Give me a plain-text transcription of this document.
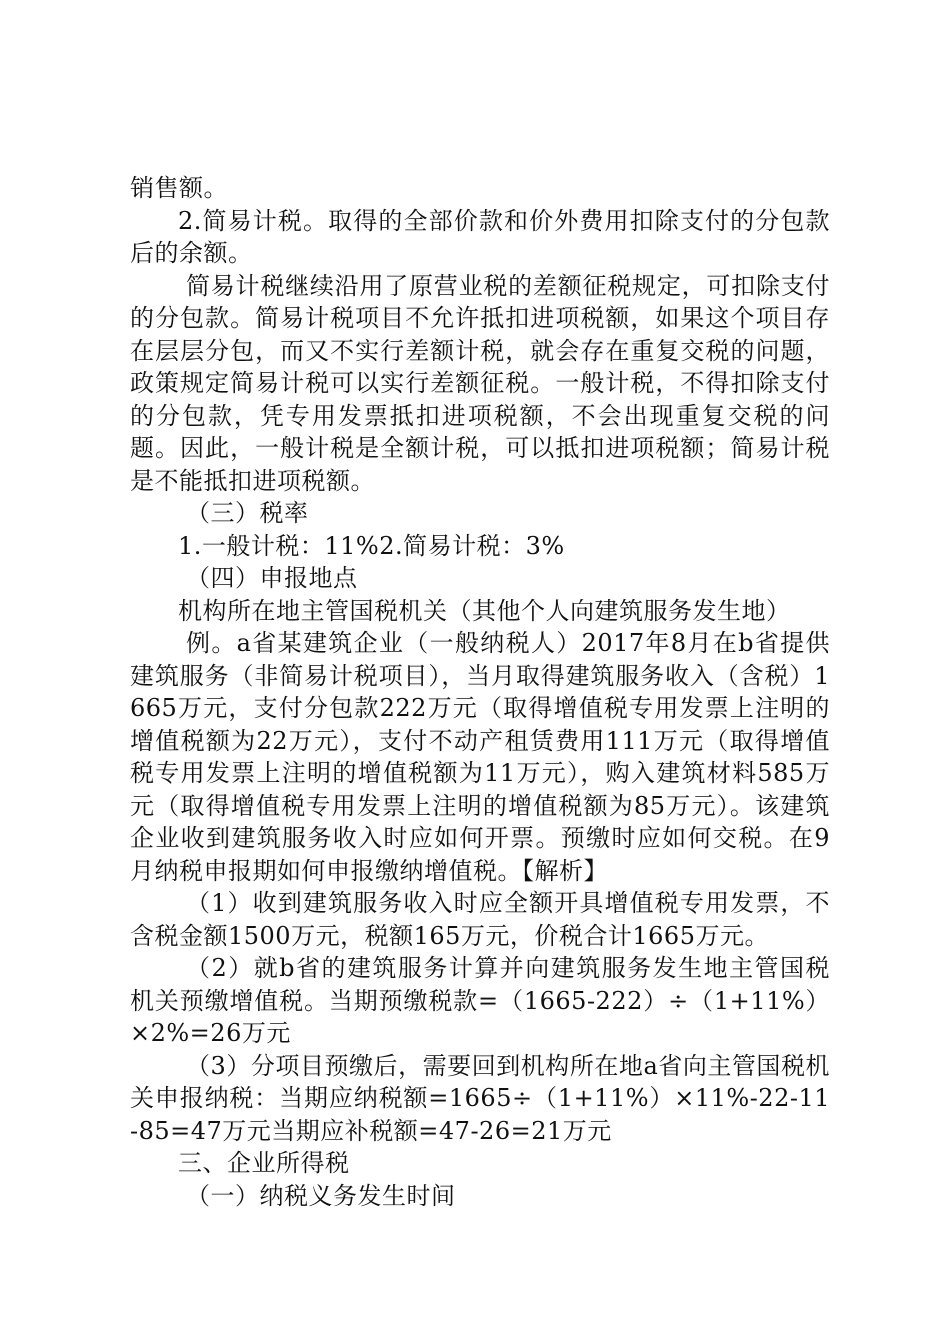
销售额。

2.简易计税。取得的全部价款和价外费用扣除支付的分包款后的余额。

简易计税继续沿用了原营业税的差额征税规定，可扣除支付的分包款。简易计税项目不允许抵扣进项税额，如果这个项目存在层层分包，而又不实行差额计税，就会存在重复交税的问题，政策规定简易计税可以实行差额征税。一般计税，不得扣除支付的分包款，凭专用发票抵扣进项税额，不会出现重复交税的问题。因此，一般计税是全额计税，可以抵扣进项税额；简易计税是不能抵扣进项税额。

（三）税率

1.一般计税：11%2.简易计税：3%

（四）申报地点

机构所在地主管国税机关（其他个人向建筑服务发生地）

例。a省某建筑企业（一般纳税人）2017年8月在b省提供建筑服务（非简易计税项目），当月取得建筑服务收入（含税）1665万元，支付分包款222万元（取得增值税专用发票上注明的增值税额为22万元），支付不动产租赁费用111万元（取得增值税专用发票上注明的增值税额为11万元），购入建筑材料585万元（取得增值税专用发票上注明的增值税额为85万元）。该建筑企业收到建筑服务收入时应如何开票。预缴时应如何交税。在9月纳税申报期如何申报缴纳增值税。【解析】

（1）收到建筑服务收入时应全额开具增值税专用发票，不含税金额1500万元，税额165万元，价税合计1665万元。

（2）就b省的建筑服务计算并向建筑服务发生地主管国税机关预缴增值税。当期预缴税款=（1665-222）÷（1+11%）×2%=26万元

（3）分项目预缴后，需要回到机构所在地a省向主管国税机关申报纳税：当期应纳税额=1665÷（1+11%）×11%-22-11-85=47万元当期应补税额=47-26=21万元

三、企业所得税

（一）纳税义务发生时间
